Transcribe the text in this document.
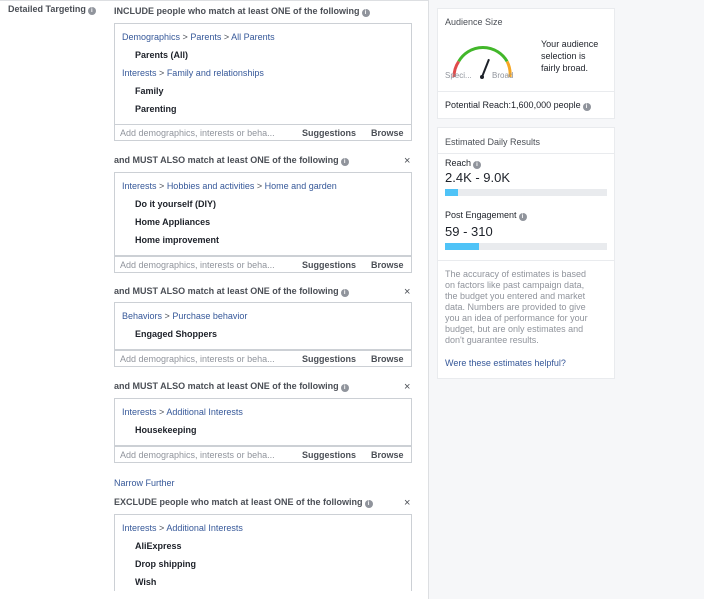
Detailed Targeting i	INCLUDE people who match at least ONE of the following i
Demographics > Parents > All Parents
Parents (All)
Interests > Family and relationships
Family
Parenting
Add demographics, interests or beha...	Suggestions Browse
and MUST ALSO match at least ONE of the following i	×
Interests > Hobbies and activities > Home and garden
Do it yourself (DIY)
Home Appliances
Home improvement
Add demographics, interests or beha...	Suggestions Browse
and MUST ALSO match at least ONE of the following i	×
Behaviors > Purchase behavior
Engaged Shoppers
Add demographics, interests or beha...	Suggestions Browse
and MUST ALSO match at least ONE of the following i	×
Interests > Additional Interests
Housekeeping
Add demographics, interests or beha...	Suggestions Browse
EXCLUDE people who match at least ONE of the following i	×
Interests > Additional Interests
AliExpress
Drop shipping
Wish
Narrow Further
Audience Size
Speci...	Broad
Your audience
selection is
fairly broad.
Potential Reach:1,600,000 people i
Estimated Daily Results
Reach i
2.4K - 9.0K
Post Engagement i
59 - 310
The accuracy of estimates is based
on factors like past campaign data,
the budget you entered and market
data. Numbers are provided to give
you an idea of performance for your
budget, but are only estimates and
don't guarantee results.
Were these estimates helpful?
